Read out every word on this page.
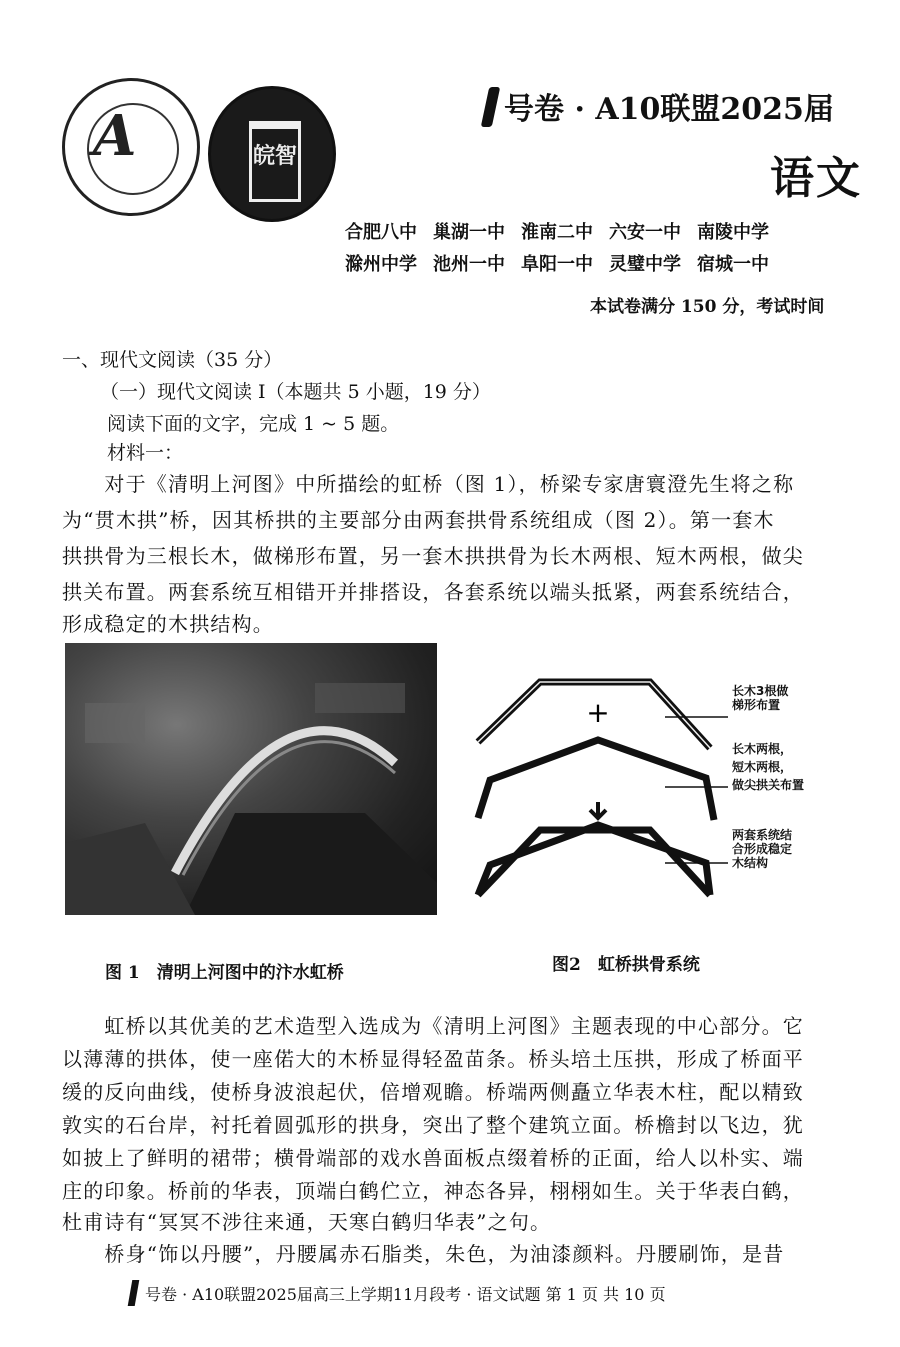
A	皖智
号卷 · A10联盟2025届
语文
合肥八中 巢湖一中 淮南二中 六安一中 南陵中学
滁州中学 池州一中 阜阳一中 灵璧中学 宿城一中
本试卷满分 150 分，考试时间
一、现代文阅读（35 分）
（一）现代文阅读 I（本题共 5 小题，19 分）
阅读下面的文字，完成 1 ~ 5 题。
材料一：
　　对于《清明上河图》中所描绘的虹桥（图 1），桥梁专家唐寰澄先生将之称
为“贯木拱”桥，因其桥拱的主要部分由两套拱骨系统组成（图 2）。第一套木
拱拱骨为三根长木，做梯形布置，另一套木拱拱骨为长木两根、短木两根，做尖
拱关布置。两套系统互相错开并排搭设，各套系统以端头抵紧，两套系统结合，
形成稳定的木拱结构。
图 1　清明上河图中的汴水虹桥
+
长木3根做
梯形布置
长木两根，
短木两根，
做尖拱关布置
两套系统结
合形成稳定
木结构
图2　虹桥拱骨系统
　　虹桥以其优美的艺术造型入选成为《清明上河图》主题表现的中心部分。它
以薄薄的拱体，使一座偌大的木桥显得轻盈苗条。桥头培土压拱，形成了桥面平
缓的反向曲线，使桥身波浪起伏，倍增观瞻。桥端两侧矗立华表木柱，配以精致
敦实的石台岸，衬托着圆弧形的拱身，突出了整个建筑立面。桥檐封以飞边，犹
如披上了鲜明的裙带；横骨端部的戏水兽面板点缀着桥的正面，给人以朴实、端
庄的印象。桥前的华表，顶端白鹤伫立，神态各异，栩栩如生。关于华表白鹤，
杜甫诗有“冥冥不涉往来通，天寒白鹤归华表”之句。
　　桥身“饰以丹腰”，丹腰属赤石脂类，朱色，为油漆颜料。丹腰刷饰，是昔
号卷 · A10联盟2025届高三上学期11月段考 · 语文试题 第 1 页 共 10 页
